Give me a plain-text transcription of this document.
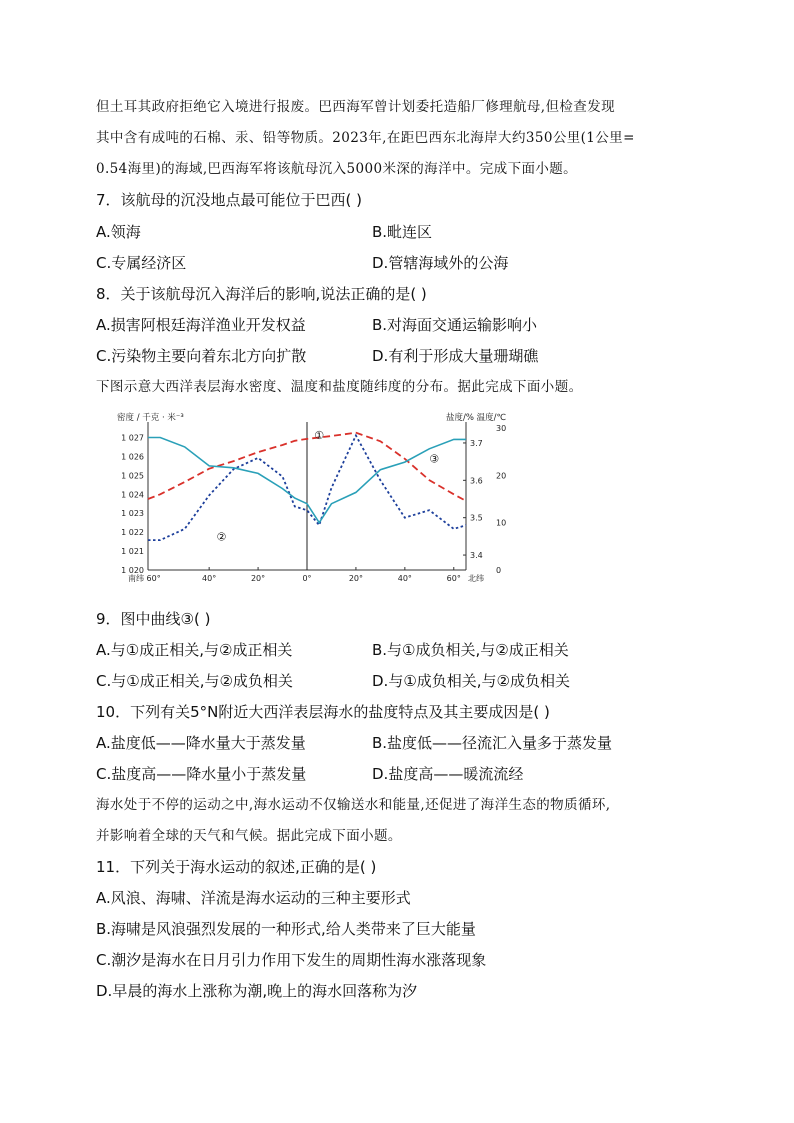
但土耳其政府拒绝它入境进行报废。巴西海军曾计划委托造船厂修理航母,但检查发现
其中含有成吨的石棉、汞、铅等物质。2023年,在距巴西东北海岸大约350公里(1公里=
0.54海里)的海域,巴西海军将该航母沉入5000米深的海洋中。完成下面小题。
7．该航母的沉没地点最可能位于巴西( )
A.领海	B.毗连区
C.专属经济区	D.管辖海域外的公海
8．关于该航母沉入海洋后的影响,说法正确的是( )
A.损害阿根廷海洋渔业开发权益	B.对海面交通运输影响小
C.污染物主要向着东北方向扩散	D.有利于形成大量珊瑚礁
下图示意大西洋表层海水密度、温度和盐度随纬度的分布。据此完成下面小题。
密度 / 千克 · 米⁻³	盐度/% 温度/℃
1 027
1 026
1 025
1 024
1 023
1 022
1 021
1 020
3.7
3.6
3.5
3.4
30
20
10
0
南纬 60°	40°	20°	0°	20°	40°	60° 北纬
①
②
③
9．图中曲线③( )
A.与①成正相关,与②成正相关	B.与①成负相关,与②成正相关
C.与①成正相关,与②成负相关	D.与①成负相关,与②成负相关
10．下列有关5°N附近大西洋表层海水的盐度特点及其主要成因是( )
A.盐度低——降水量大于蒸发量	B.盐度低——径流汇入量多于蒸发量
C.盐度高——降水量小于蒸发量	D.盐度高——暖流流经
海水处于不停的运动之中,海水运动不仅输送水和能量,还促进了海洋生态的物质循环,
并影响着全球的天气和气候。据此完成下面小题。
11．下列关于海水运动的叙述,正确的是( )
A.风浪、海啸、洋流是海水运动的三种主要形式
B.海啸是风浪强烈发展的一种形式,给人类带来了巨大能量
C.潮汐是海水在日月引力作用下发生的周期性海水涨落现象
D.早晨的海水上涨称为潮,晚上的海水回落称为汐
